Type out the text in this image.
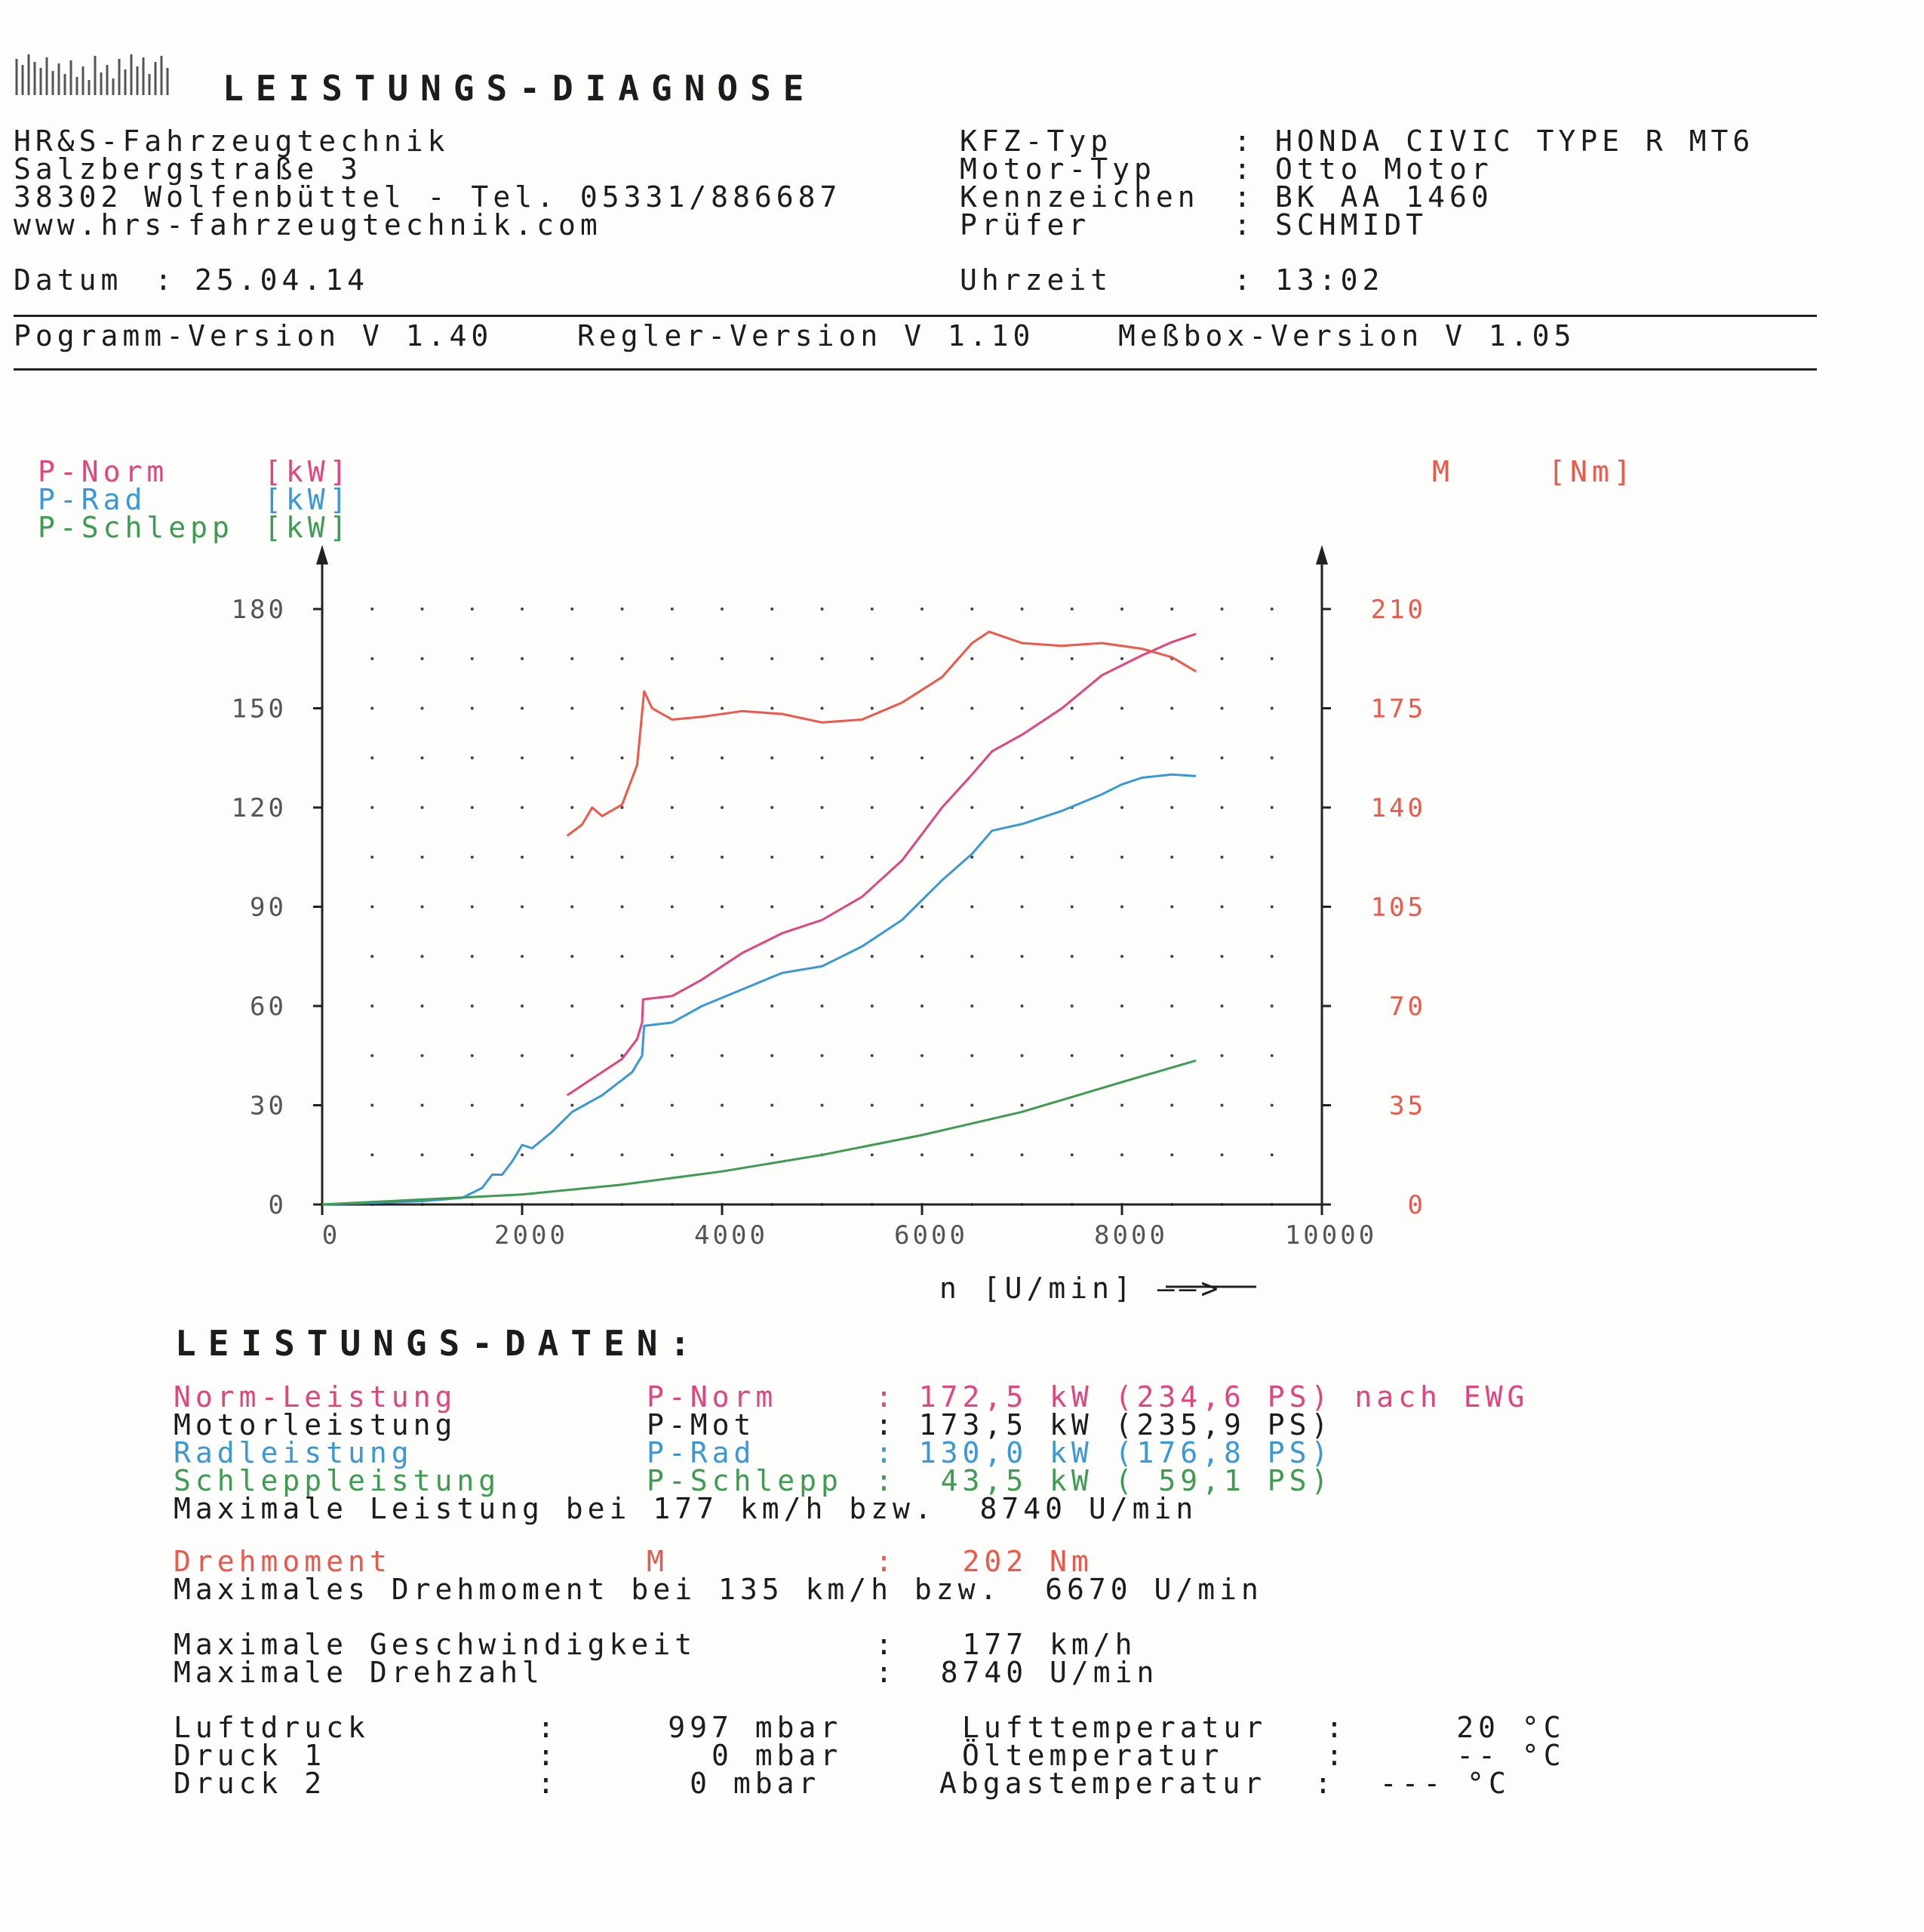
LEISTUNGS-DIAGNOSE
HR&S-Fahrzeugtechnik
Salzbergstraße 3
38302 Wolfenbüttel - Tel. 05331/886687
www.hrs-fahrzeugtechnik.com
KFZ-Typ	: HONDA CIVIC TYPE R MT6
Motor-Typ	: Otto Motor
Kennzeichen : BK AA 1460
Prüfer	: SCHMIDT
Datum : 25.04.14	Uhrzeit	: 13:02
Pogramm-Version V 1.40	Regler-Version V 1.10	Meßbox-Version V 1.05
P-Norm	[kW]
P-Rad	[kW]
P-Schlepp [kW]
M	[Nm]
0	2000	4000	6000	8000	10000
0
30
60
90
120
150
180
0
35
70
105
140
175
210
n [U/min] ——>
LEISTUNGS-DATEN:
Norm-Leistung	P-Norm	: 172,5 kW (234,6 PS) nach EWG
Motorleistung	P-Mot	: 173,5 kW (235,9 PS)
Radleistung	P-Rad	: 130,0 kW (176,8 PS)
Schleppleistung	P-Schlepp :  43,5 kW ( 59,1 PS)
Maximale Leistung bei 177 km/h bzw.  8740 U/min
Drehmoment	M	:   202 Nm
Maximales Drehmoment bei 135 km/h bzw.  6670 U/min
Maximale Geschwindigkeit	:   177 km/h
Maximale Drehzahl	:  8740 U/min
Luftdruck	:     997 mbar
Druck 1	:       0 mbar
Druck 2	:      0 mbar
Lufttemperatur :     20 °C
Öltemperatur	:     -- °C
Abgastemperatur :  --- °C
